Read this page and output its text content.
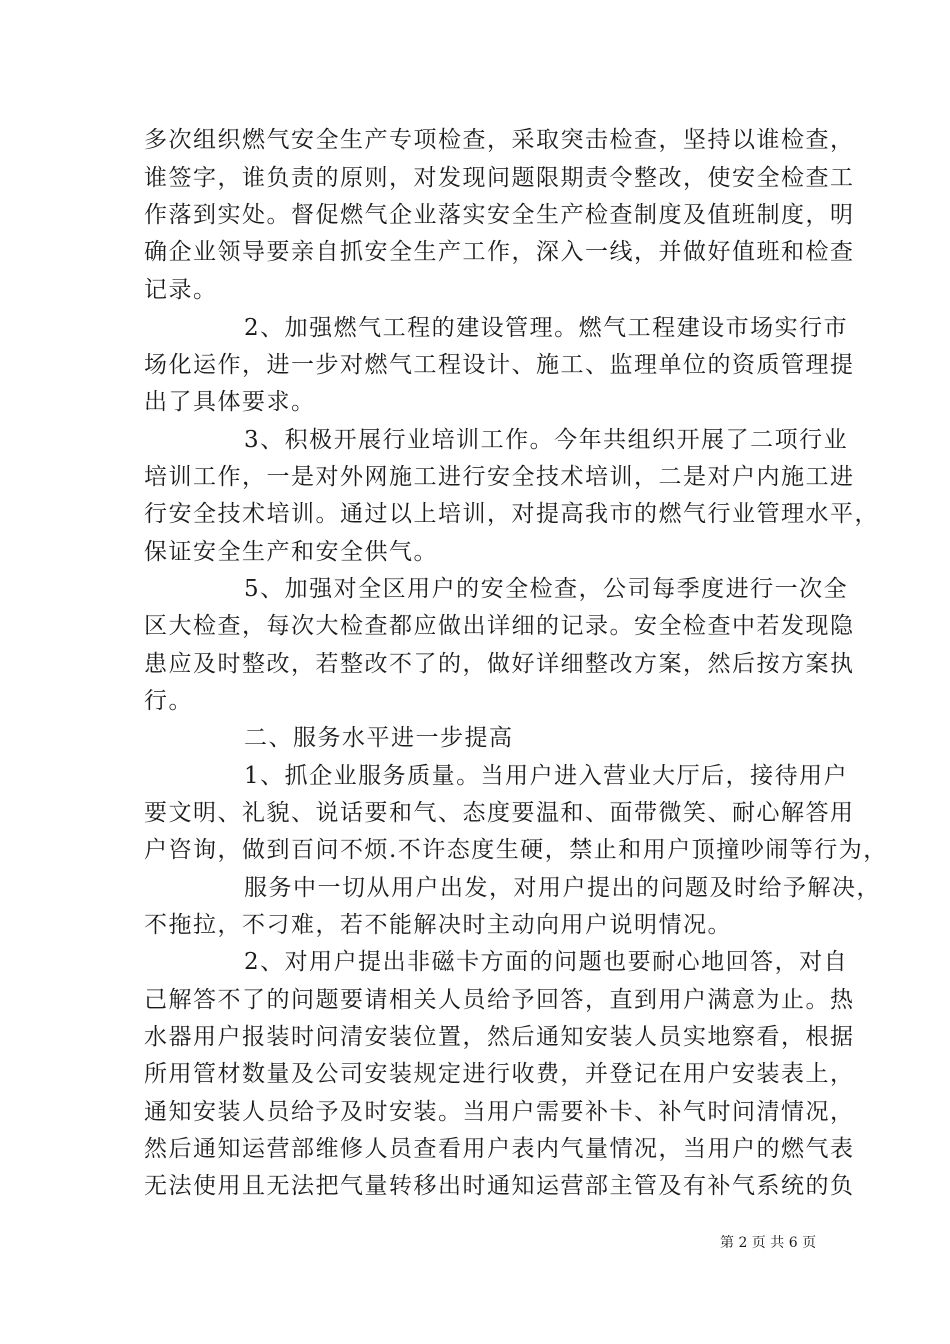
多次组织燃气安全生产专项检查，采取突击检查，坚持以谁检查，
谁签字，谁负责的原则，对发现问题限期责令整改，使安全检查工
作落到实处。督促燃气企业落实安全生产检查制度及值班制度，明
确企业领导要亲自抓安全生产工作，深入一线，并做好值班和检查
记录。
2、加强燃气工程的建设管理。燃气工程建设市场实行市
场化运作，进一步对燃气工程设计、施工、监理单位的资质管理提
出了具体要求。
3、积极开展行业培训工作。今年共组织开展了二项行业
培训工作，一是对外网施工进行安全技术培训，二是对户内施工进
行安全技术培训。通过以上培训，对提高我市的燃气行业管理水平，
保证安全生产和安全供气。
5、加强对全区用户的安全检查，公司每季度进行一次全
区大检查，每次大检查都应做出详细的记录。安全检查中若发现隐
患应及时整改，若整改不了的，做好详细整改方案，然后按方案执
行。
二、服务水平进一步提高
1、抓企业服务质量。当用户进入营业大厅后，接待用户
要文明、礼貌、说话要和气、态度要温和、面带微笑、耐心解答用
户咨询，做到百问不烦.不许态度生硬，禁止和用户顶撞吵闹等行为，
服务中一切从用户出发，对用户提出的问题及时给予解决，
不拖拉，不刁难，若不能解决时主动向用户说明情况。
2、对用户提出非磁卡方面的问题也要耐心地回答，对自
己解答不了的问题要请相关人员给予回答，直到用户满意为止。热
水器用户报装时问清安装位置，然后通知安装人员实地察看，根据
所用管材数量及公司安装规定进行收费，并登记在用户安装表上，
通知安装人员给予及时安装。当用户需要补卡、补气时问清情况，
然后通知运营部维修人员查看用户表内气量情况，当用户的燃气表
无法使用且无法把气量转移出时通知运营部主管及有补气系统的负
第 2 页 共 6 页
